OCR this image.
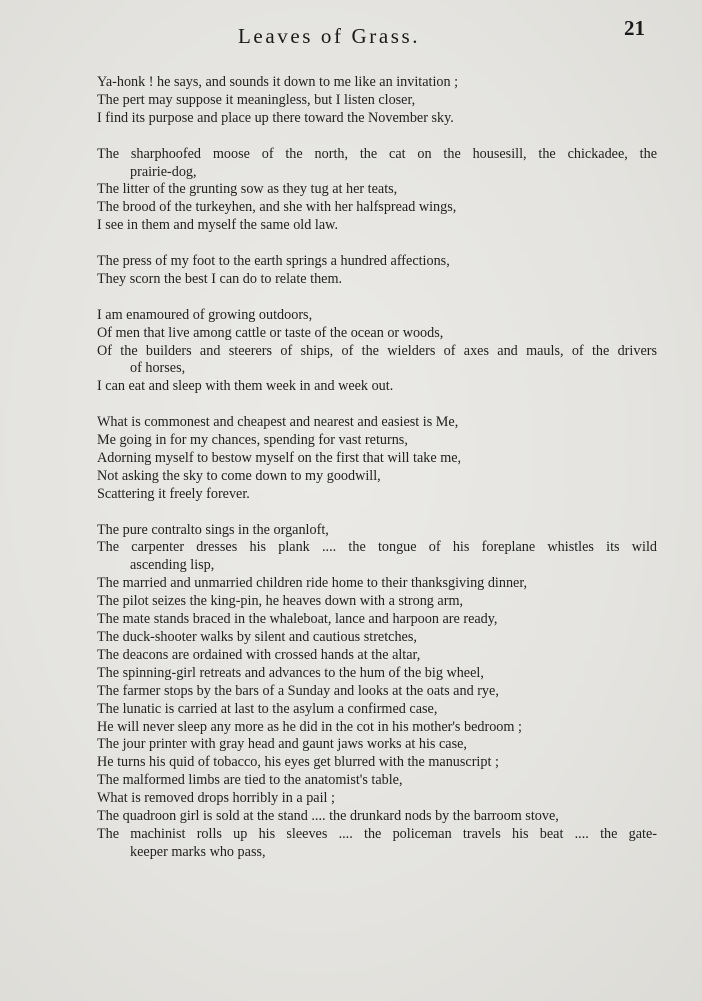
Leaves of Grass.	21
Ya-honk ! he says, and sounds it down to me like an invitation ;
The pert may suppose it meaningless, but I listen closer,
I find its purpose and place up there toward the November sky.
The sharphoofed moose of the north, the cat on the housesill, the chickadee, the
prairie-dog,
The litter of the grunting sow as they tug at her teats,
The brood of the turkeyhen, and she with her halfspread wings,
I see in them and myself the same old law.
The press of my foot to the earth springs a hundred affections,
They scorn the best I can do to relate them.
I am enamoured of growing outdoors,
Of men that live among cattle or taste of the ocean or woods,
Of the builders and steerers of ships, of the wielders of axes and mauls, of the drivers
of horses,
I can eat and sleep with them week in and week out.
What is commonest and cheapest and nearest and easiest is Me,
Me going in for my chances, spending for vast returns,
Adorning myself to bestow myself on the first that will take me,
Not asking the sky to come down to my goodwill,
Scattering it freely forever.
The pure contralto sings in the organloft,
The carpenter dresses his plank .... the tongue of his foreplane whistles its wild
ascending lisp,
The married and unmarried children ride home to their thanksgiving dinner,
The pilot seizes the king-pin, he heaves down with a strong arm,
The mate stands braced in the whaleboat, lance and harpoon are ready,
The duck-shooter walks by silent and cautious stretches,
The deacons are ordained with crossed hands at the altar,
The spinning-girl retreats and advances to the hum of the big wheel,
The farmer stops by the bars of a Sunday and looks at the oats and rye,
The lunatic is carried at last to the asylum a confirmed case,
He will never sleep any more as he did in the cot in his mother's bedroom ;
The jour printer with gray head and gaunt jaws works at his case,
He turns his quid of tobacco, his eyes get blurred with the manuscript ;
The malformed limbs are tied to the anatomist's table,
What is removed drops horribly in a pail ;
The quadroon girl is sold at the stand .... the drunkard nods by the barroom stove,
The machinist rolls up his sleeves .... the policeman travels his beat .... the gate-
keeper marks who pass,
